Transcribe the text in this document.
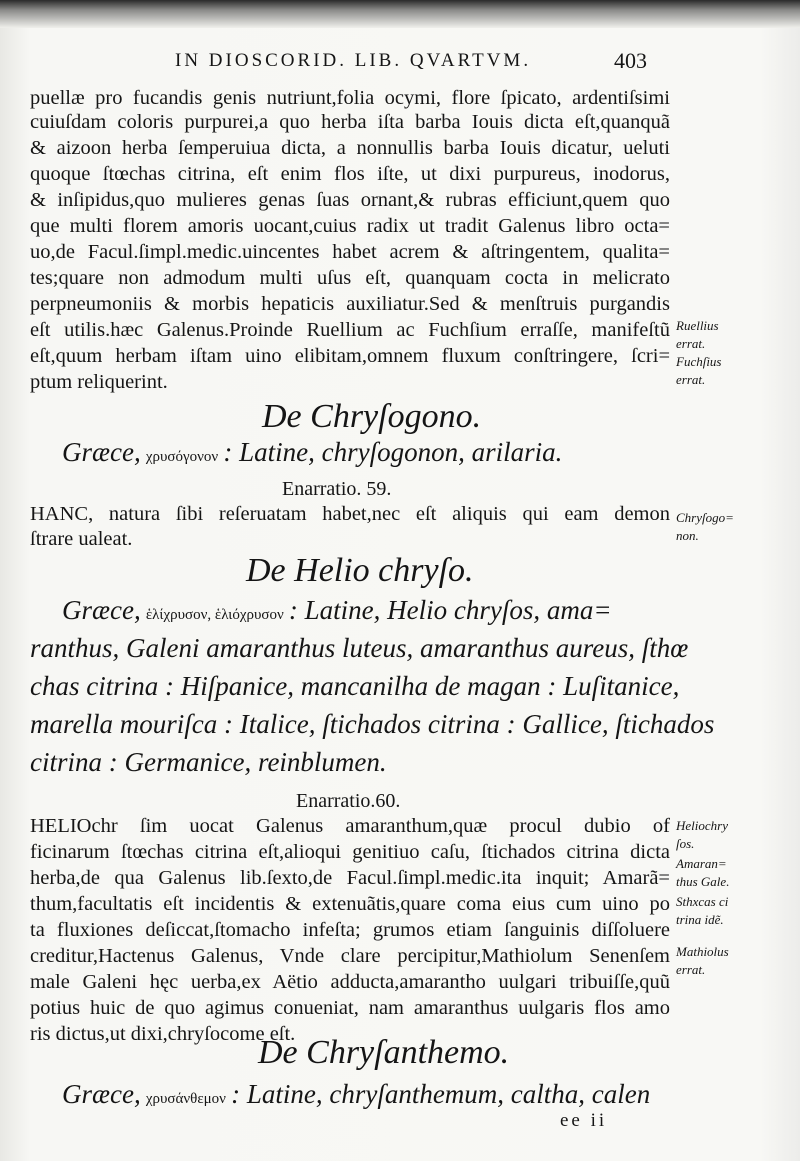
IN DIOSCORID. LIB. QVARTVM.	403
puellæ pro fucandis genis nutriunt,folia ocymi, flore ſpicato, ardentiſsimi
cuiuſdam coloris purpurei,a quo herba iſta barba Iouis dicta eſt,quanquã
& aizoon herba ſemperuiua dicta, a nonnullis barba Iouis dicatur, ueluti
quoque ſtœchas citrina, eſt enim flos iſte, ut dixi purpureus, inodorus,
& inſipidus,quo mulieres genas ſuas ornant,& rubras efficiunt,quem quo
que multi florem amoris uocant,cuius radix ut tradit Galenus libro octa=
uo,de Facul.ſimpl.medic.uincentes habet acrem & aſtringentem, qualita=
tes;quare non admodum multi uſus eſt, quanquam cocta in melicrato
perpneumoniis & morbis hepaticis auxiliatur.Sed & menſtruis purgandis
eſt utilis.hæc Galenus.Proinde Ruellium ac Fuchſium erraſſe, manifeſtũ
eſt,quum herbam iſtam uino elibitam,omnem fluxum conſtringere, ſcri=
ptum reliquerint.
Ruellius
errat.
Fuchſius
errat.
De Chryſogono.
Græce, χρυσόγονον : Latine, chryſogonon, arilaria.
Enarratio. 59.
HANC, natura ſibi reſeruatam habet,nec eſt aliquis qui eam demon
ſtrare ualeat.
Chryſogo=
non.
De Helio chryſo.
Græce, ἑλίχρυσον, ἑλιόχρυσον : Latine, Helio chryſos, ama=
ranthus, Galeni amaranthus luteus, amaranthus aureus, ſthœ
chas citrina : Hiſpanice, mancanilha de magan : Luſitanice,
marella mouriſca : Italice, ſtichados citrina : Gallice, ſtichados
citrina : Germanice, reinblumen.
Enarratio.60.
HELIOchr ſim uocat Galenus amaranthum,quæ procul dubio of
ficinarum ſtœchas citrina eſt,alioqui genitiuo caſu, ſtichados citrina dicta
herba,de qua Galenus lib.ſexto,de Facul.ſimpl.medic.ita inquit; Amarã=
thum,facultatis eſt incidentis & extenuãtis,quare coma eius cum uino po
ta fluxiones deſiccat,ſtomacho infeſta; grumos etiam ſanguinis diſſoluere
creditur,Hactenus Galenus, Vnde clare percipitur,Mathiolum Senenſem
male Galeni hęc uerba,ex Aëtio adducta,amarantho uulgari tribuiſſe,quũ
potius huic de quo agimus conueniat, nam amaranthus uulgaris flos amo
ris dictus,ut dixi,chryſocome eſt.
Heliochry
ſos.
Amaran=
thus Gale.
Sthxcas ci
trina idẽ.
Mathiolus
errat.
De Chryſanthemo.
Græce, χρυσάνθεμον : Latine, chryſanthemum, caltha, calen
ee ii
